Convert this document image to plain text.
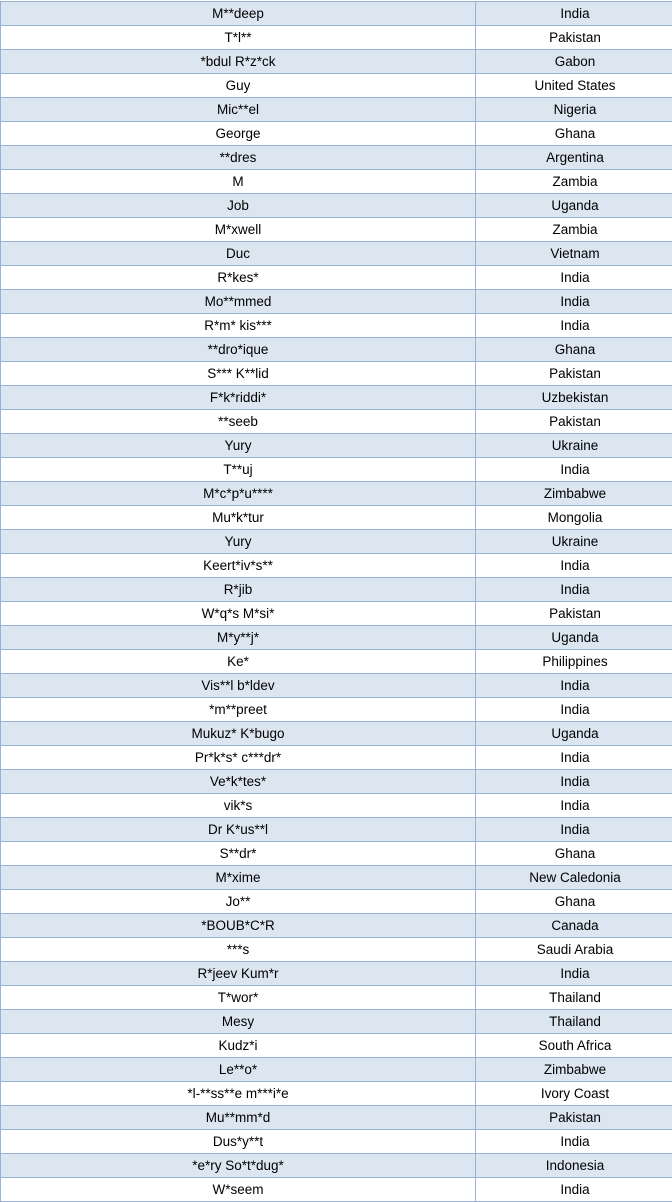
M**deep	India
T*l**	Pakistan
*bdul R*z*ck	Gabon
Guy	United States
Mic**el	Nigeria
George	Ghana
**dres	Argentina
M	Zambia
Job	Uganda
M*xwell	Zambia
Duc	Vietnam
R*kes*	India
Mo**mmed	India
R*m* kis***	India
**dro*ique	Ghana
S*** K**lid	Pakistan
F*k*riddi*	Uzbekistan
**seeb	Pakistan
Yury	Ukraine
T**uj	India
M*c*p*u****	Zimbabwe
Mu*k*tur	Mongolia
Yury	Ukraine
Keert*iv*s**	India
R*jib	India
W*q*s M*si*	Pakistan
M*y**j*	Uganda
Ke*	Philippines
Vis**l b*ldev	India
*m**preet	India
Mukuz* K*bugo	Uganda
Pr*k*s* c***dr*	India
Ve*k*tes*	India
vik*s	India
Dr K*us**l	India
S**dr*	Ghana
M*xime	New Caledonia
Jo**	Ghana
*BOUB*C*R	Canada
***s	Saudi Arabia
R*jeev Kum*r	India
T*wor*	Thailand
Mesy	Thailand
Kudz*i	South Africa
Le**o*	Zimbabwe
*l-**ss**e m***i*e	Ivory Coast
Mu**mm*d	Pakistan
Dus*y**t	India
*e*ry So*t*dug*	Indonesia
W*seem	India
